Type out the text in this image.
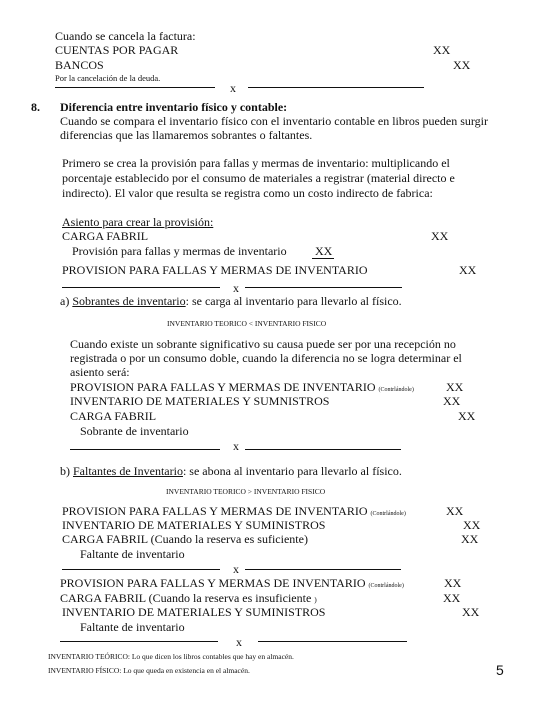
Cuando se cancela la factura:
CUENTAS POR PAGAR	XX
BANCOS	XX
Por la cancelación de la deuda.
x
8. Diferencia entre inventario físico y contable:
Cuando se compara el inventario físico con el inventario contable en libros pueden surgir
diferencias que las llamaremos sobrantes o faltantes.
Primero se crea la provisión para fallas y mermas de inventario: multiplicando el
porcentaje establecido por el consumo de materiales a registrar (material directo e
indirecto). El valor que resulta se registra como un costo indirecto de fabrica:
Asiento para crear la provisión:
CARGA FABRIL	XX
Provisión para fallas y mermas de inventario XX
PROVISION PARA FALLAS Y MERMAS DE INVENTARIO	XX
x
a) Sobrantes de inventario: se carga al inventario para llevarlo al físico.
INVENTARIO TEORICO < INVENTARIO FISICO
Cuando existe un sobrante significativo su causa puede ser por una recepción no
registrada o por un consumo doble, cuando la diferencia no se logra determinar el
asiento será:
PROVISION PARA FALLAS Y MERMAS DE INVENTARIO (Contrlándole)	XX
INVENTARIO DE MATERIALES Y SUMNISTROS	XX
CARGA FABRIL	XX
Sobrante de inventario
x
b) Faltantes de Inventario: se abona al inventario para llevarlo al físico.
INVENTARIO TEORICO > INVENTARIO FISICO
PROVISION PARA FALLAS Y MERMAS DE INVENTARIO (Contrlándole)	XX
INVENTARIO DE MATERIALES Y SUMINISTROS	XX
CARGA FABRIL (Cuando la reserva es suficiente)	XX
Faltante de inventario
x
PROVISION PARA FALLAS Y MERMAS DE INVENTARIO (Contrlándole)	XX
CARGA FABRIL (Cuando la reserva es insuficiente )	XX
INVENTARIO DE MATERIALES Y SUMINISTROS	XX
Faltante de inventario
x
INVENTARIO TEÓRICO: Lo que dicen los libros contables que hay en almacén.
INVENTARIO FÍSICO: Lo que queda en existencia en el almacén.	5
